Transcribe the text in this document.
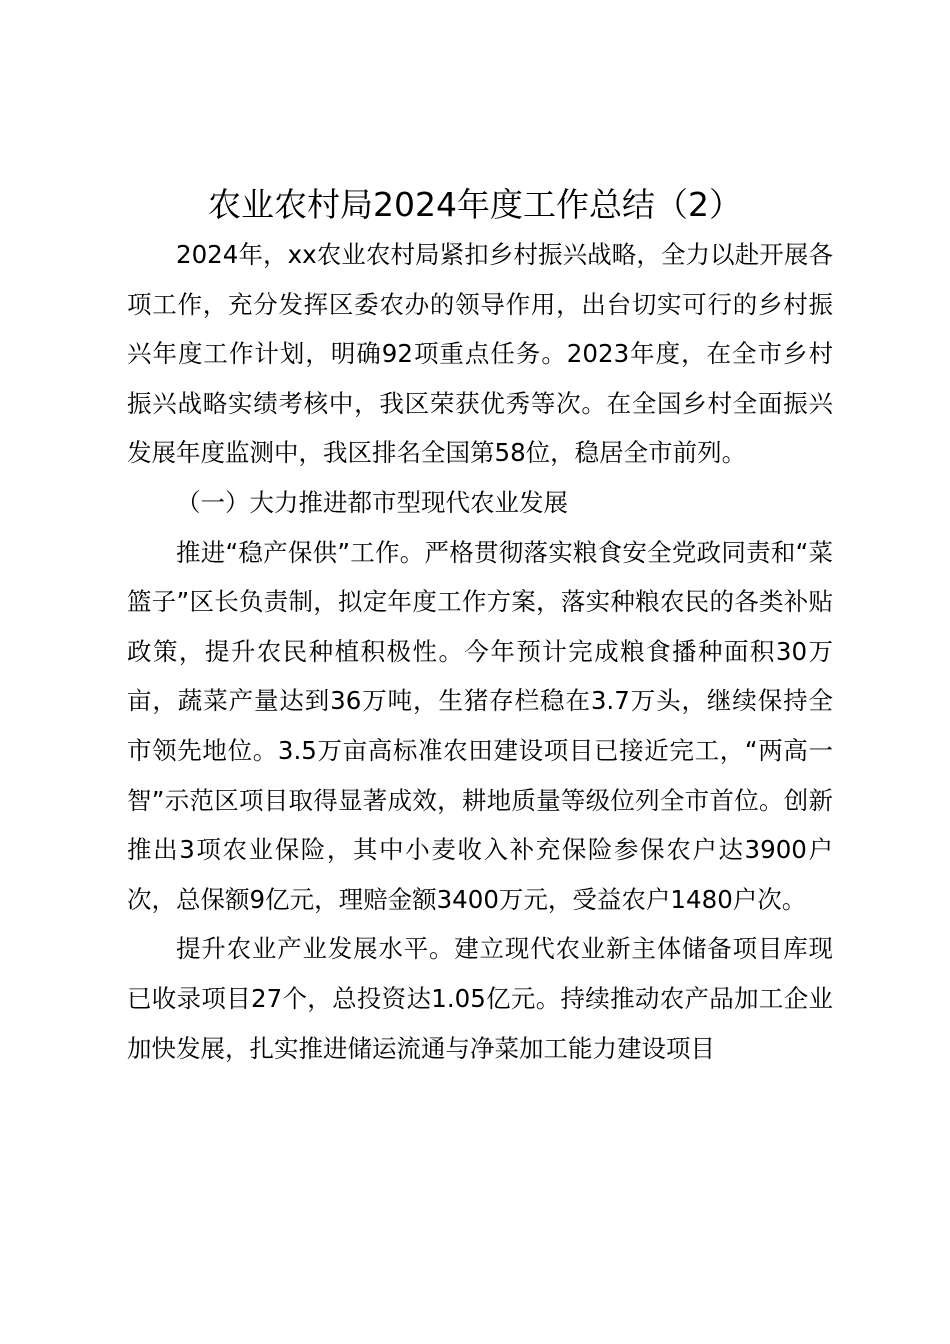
农业农村局2024年度工作总结（2）

2024年，xx农业农村局紧扣乡村振兴战略，全力以赴开展各项工作，充分发挥区委农办的领导作用，出台切实可行的乡村振兴年度工作计划，明确92项重点任务。2023年度，在全市乡村振兴战略实绩考核中，我区荣获优秀等次。在全国乡村全面振兴发展年度监测中，我区排名全国第58位，稳居全市前列。

（一）大力推进都市型现代农业发展

推进“稳产保供”工作。严格贯彻落实粮食安全党政同责和“菜篮子”区长负责制，拟定年度工作方案，落实种粮农民的各类补贴政策，提升农民种植积极性。今年预计完成粮食播种面积30万亩，蔬菜产量达到36万吨，生猪存栏稳在3.7万头，继续保持全市领先地位。3.5万亩高标准农田建设项目已接近完工，“两高一智”示范区项目取得显著成效，耕地质量等级位列全市首位。创新推出3项农业保险，其中小麦收入补充保险参保农户达3900户次，总保额9亿元，理赔金额3400万元，受益农户1480户次。

提升农业产业发展水平。建立现代农业新主体储备项目库现已收录项目27个，总投资达1.05亿元。持续推动农产品加工企业加快发展，扎实推进储运流通与净菜加工能力建设项目
